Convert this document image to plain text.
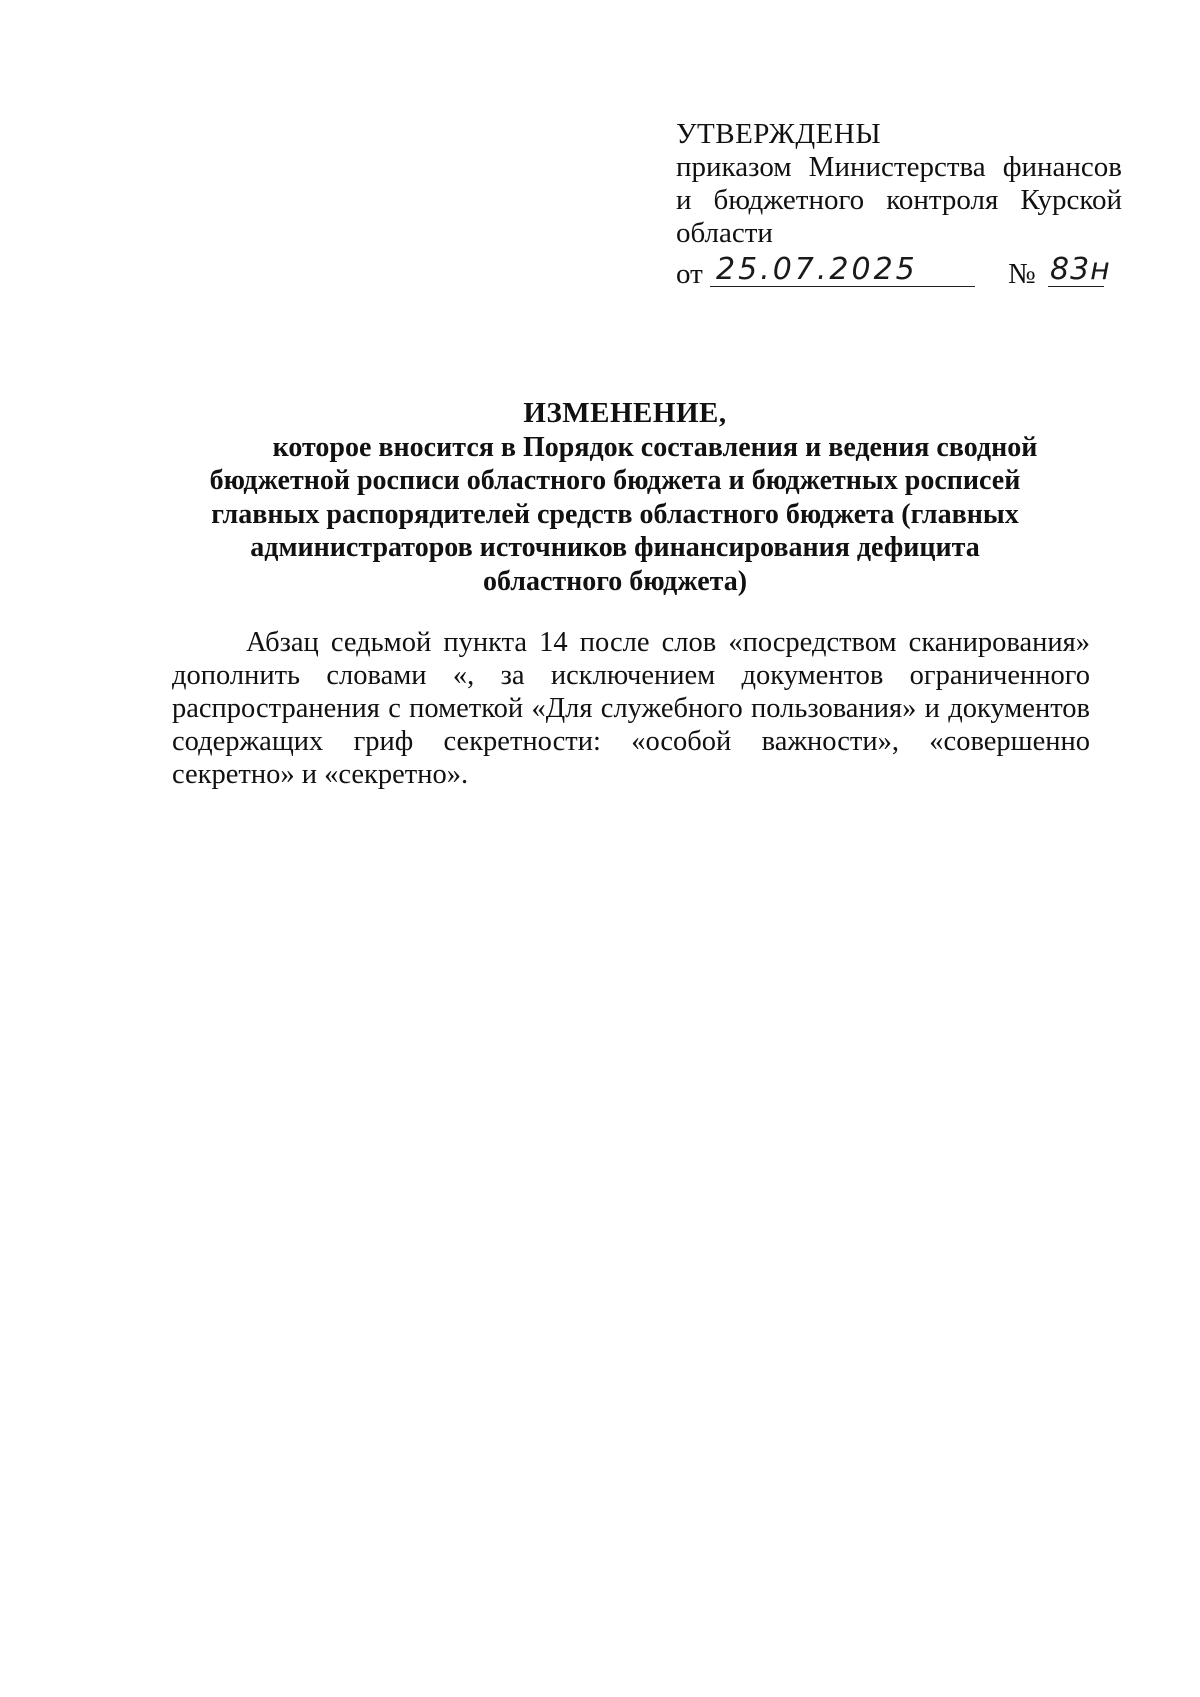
УТВЕРЖДЕНЫ
приказом Министерства финансов
и бюджетного контроля Курской
области
от 25.07.2025	№ 83н
ИЗМЕНЕНИЕ,
которое вносится в Порядок составления и ведения сводной
бюджетной росписи областного бюджета и бюджетных росписей
главных распорядителей средств областного бюджета (главных
администраторов источников финансирования дефицита
областного бюджета)
Абзац седьмой пункта 14 после слов «посредством сканирования»
дополнить словами «, за исключением документов ограниченного
распространения с пометкой «Для служебного пользования» и документов
содержащих гриф секретности: «особой важности», «совершенно
секретно» и «секретно».
